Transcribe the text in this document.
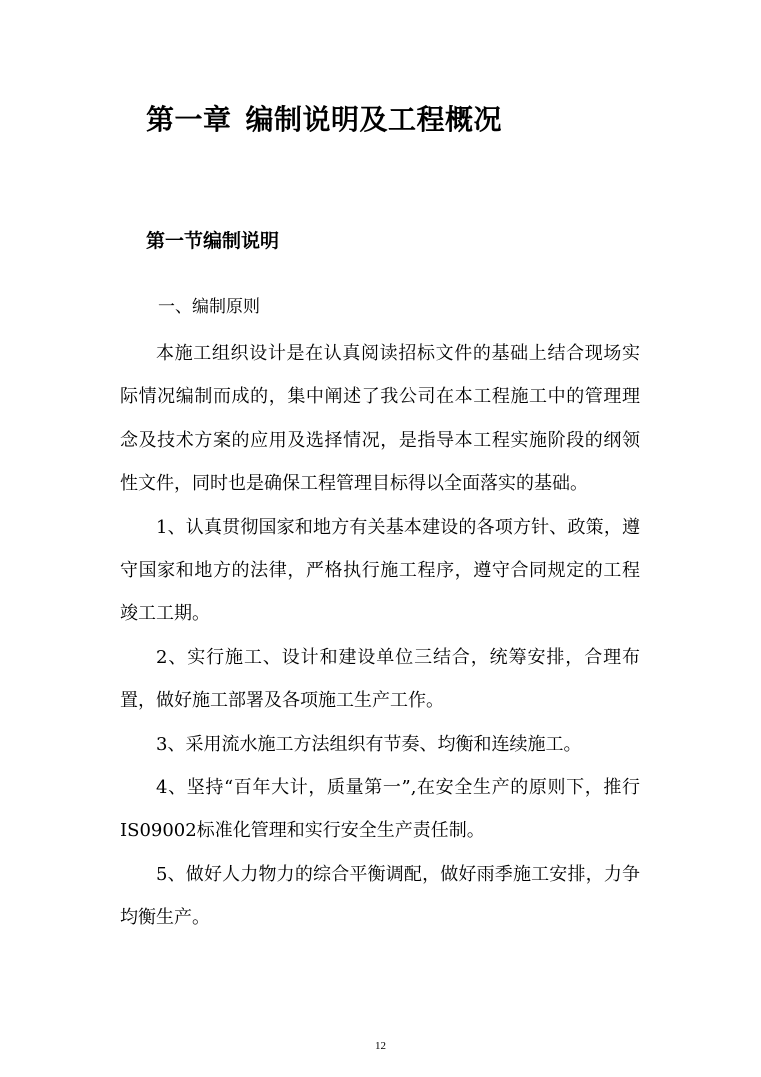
第一章 编制说明及工程概况
第一节编制说明
一、编制原则

本施工组织设计是在认真阅读招标文件的基础上结合现场实际情况编制而成的，集中阐述了我公司在本工程施工中的管理理念及技术方案的应用及选择情况，是指导本工程实施阶段的纲领性文件，同时也是确保工程管理目标得以全面落实的基础。

1、认真贯彻国家和地方有关基本建设的各项方针、政策，遵守国家和地方的法律，严格执行施工程序，遵守合同规定的工程竣工工期。

2、实行施工、设计和建设单位三结合，统筹安排，合理布置，做好施工部署及各项施工生产工作。

3、采用流水施工方法组织有节奏、均衡和连续施工。

4、坚持“百年大计，质量第一”,在安全生产的原则下，推行IS09002标准化管理和实行安全生产责任制。

5、做好人力物力的综合平衡调配，做好雨季施工安排，力争均衡生产。

12
